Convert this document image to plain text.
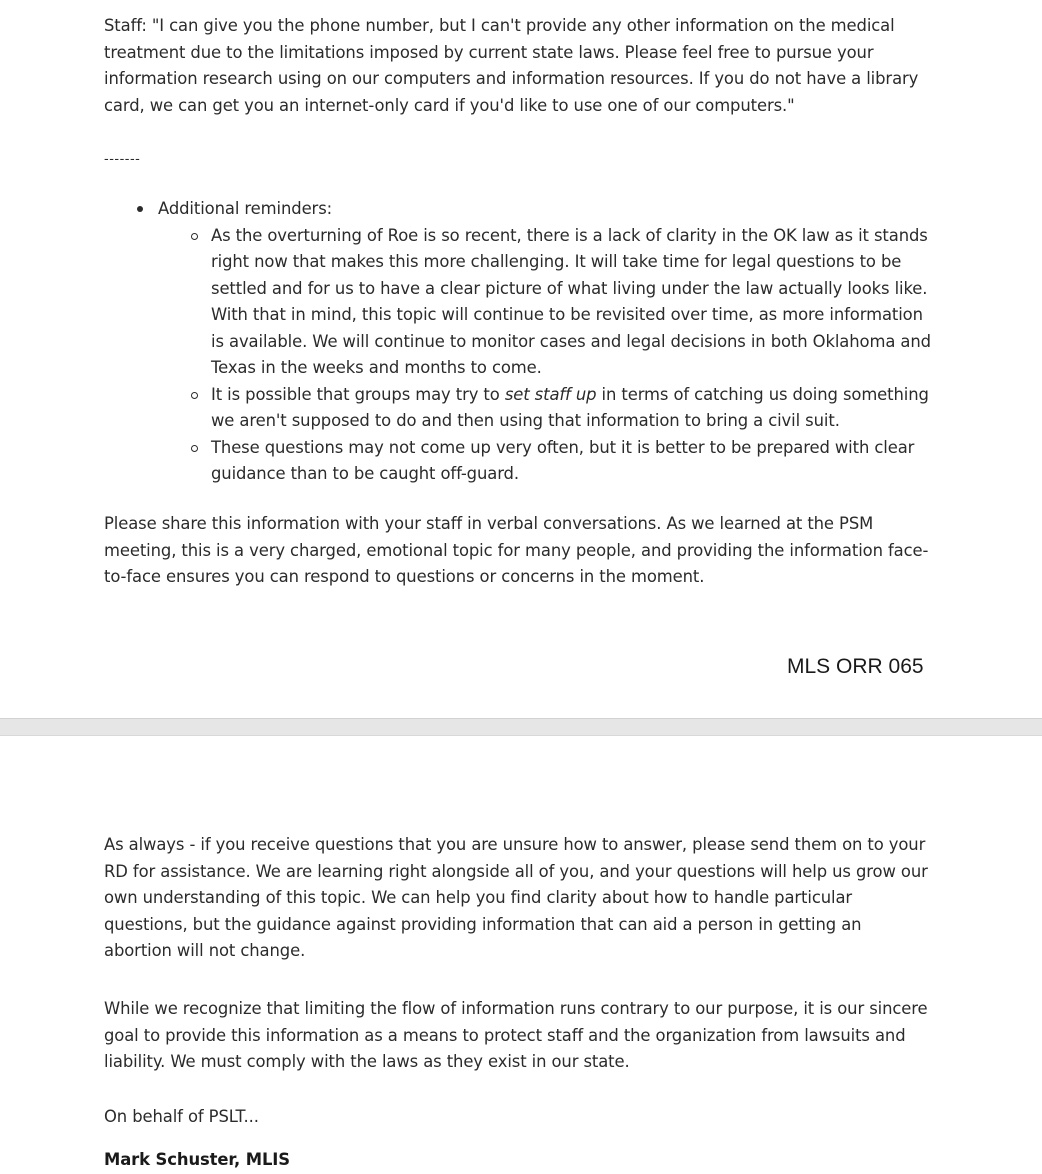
Staff: "I can give you the phone number, but I can't provide any other information on the medical treatment due to the limitations imposed by current state laws. Please feel free to pursue your information research using on our computers and information resources. If you do not have a library card, we can get you an internet-only card if you'd like to use one of our computers."

-------

Additional reminders:
As the overturning of Roe is so recent, there is a lack of clarity in the OK law as it stands right now that makes this more challenging. It will take time for legal questions to be settled and for us to have a clear picture of what living under the law actually looks like. With that in mind, this topic will continue to be revisited over time, as more information is available. We will continue to monitor cases and legal decisions in both Oklahoma and Texas in the weeks and months to come.
It is possible that groups may try to set staff up in terms of catching us doing something we aren't supposed to do and then using that information to bring a civil suit.
These questions may not come up very often, but it is better to be prepared with clear guidance than to be caught off-guard.

Please share this information with your staff in verbal conversations. As we learned at the PSM meeting, this is a very charged, emotional topic for many people, and providing the information face-to-face ensures you can respond to questions or concerns in the moment.

MLS ORR 065

As always - if you receive questions that you are unsure how to answer, please send them on to your RD for assistance. We are learning right alongside all of you, and your questions will help us grow our own understanding of this topic. We can help you find clarity about how to handle particular questions, but the guidance against providing information that can aid a person in getting an abortion will not change.

While we recognize that limiting the flow of information runs contrary to our purpose, it is our sincere goal to provide this information as a means to protect staff and the organization from lawsuits and liability. We must comply with the laws as they exist in our state.

On behalf of PSLT...

Mark Schuster, MLIS
